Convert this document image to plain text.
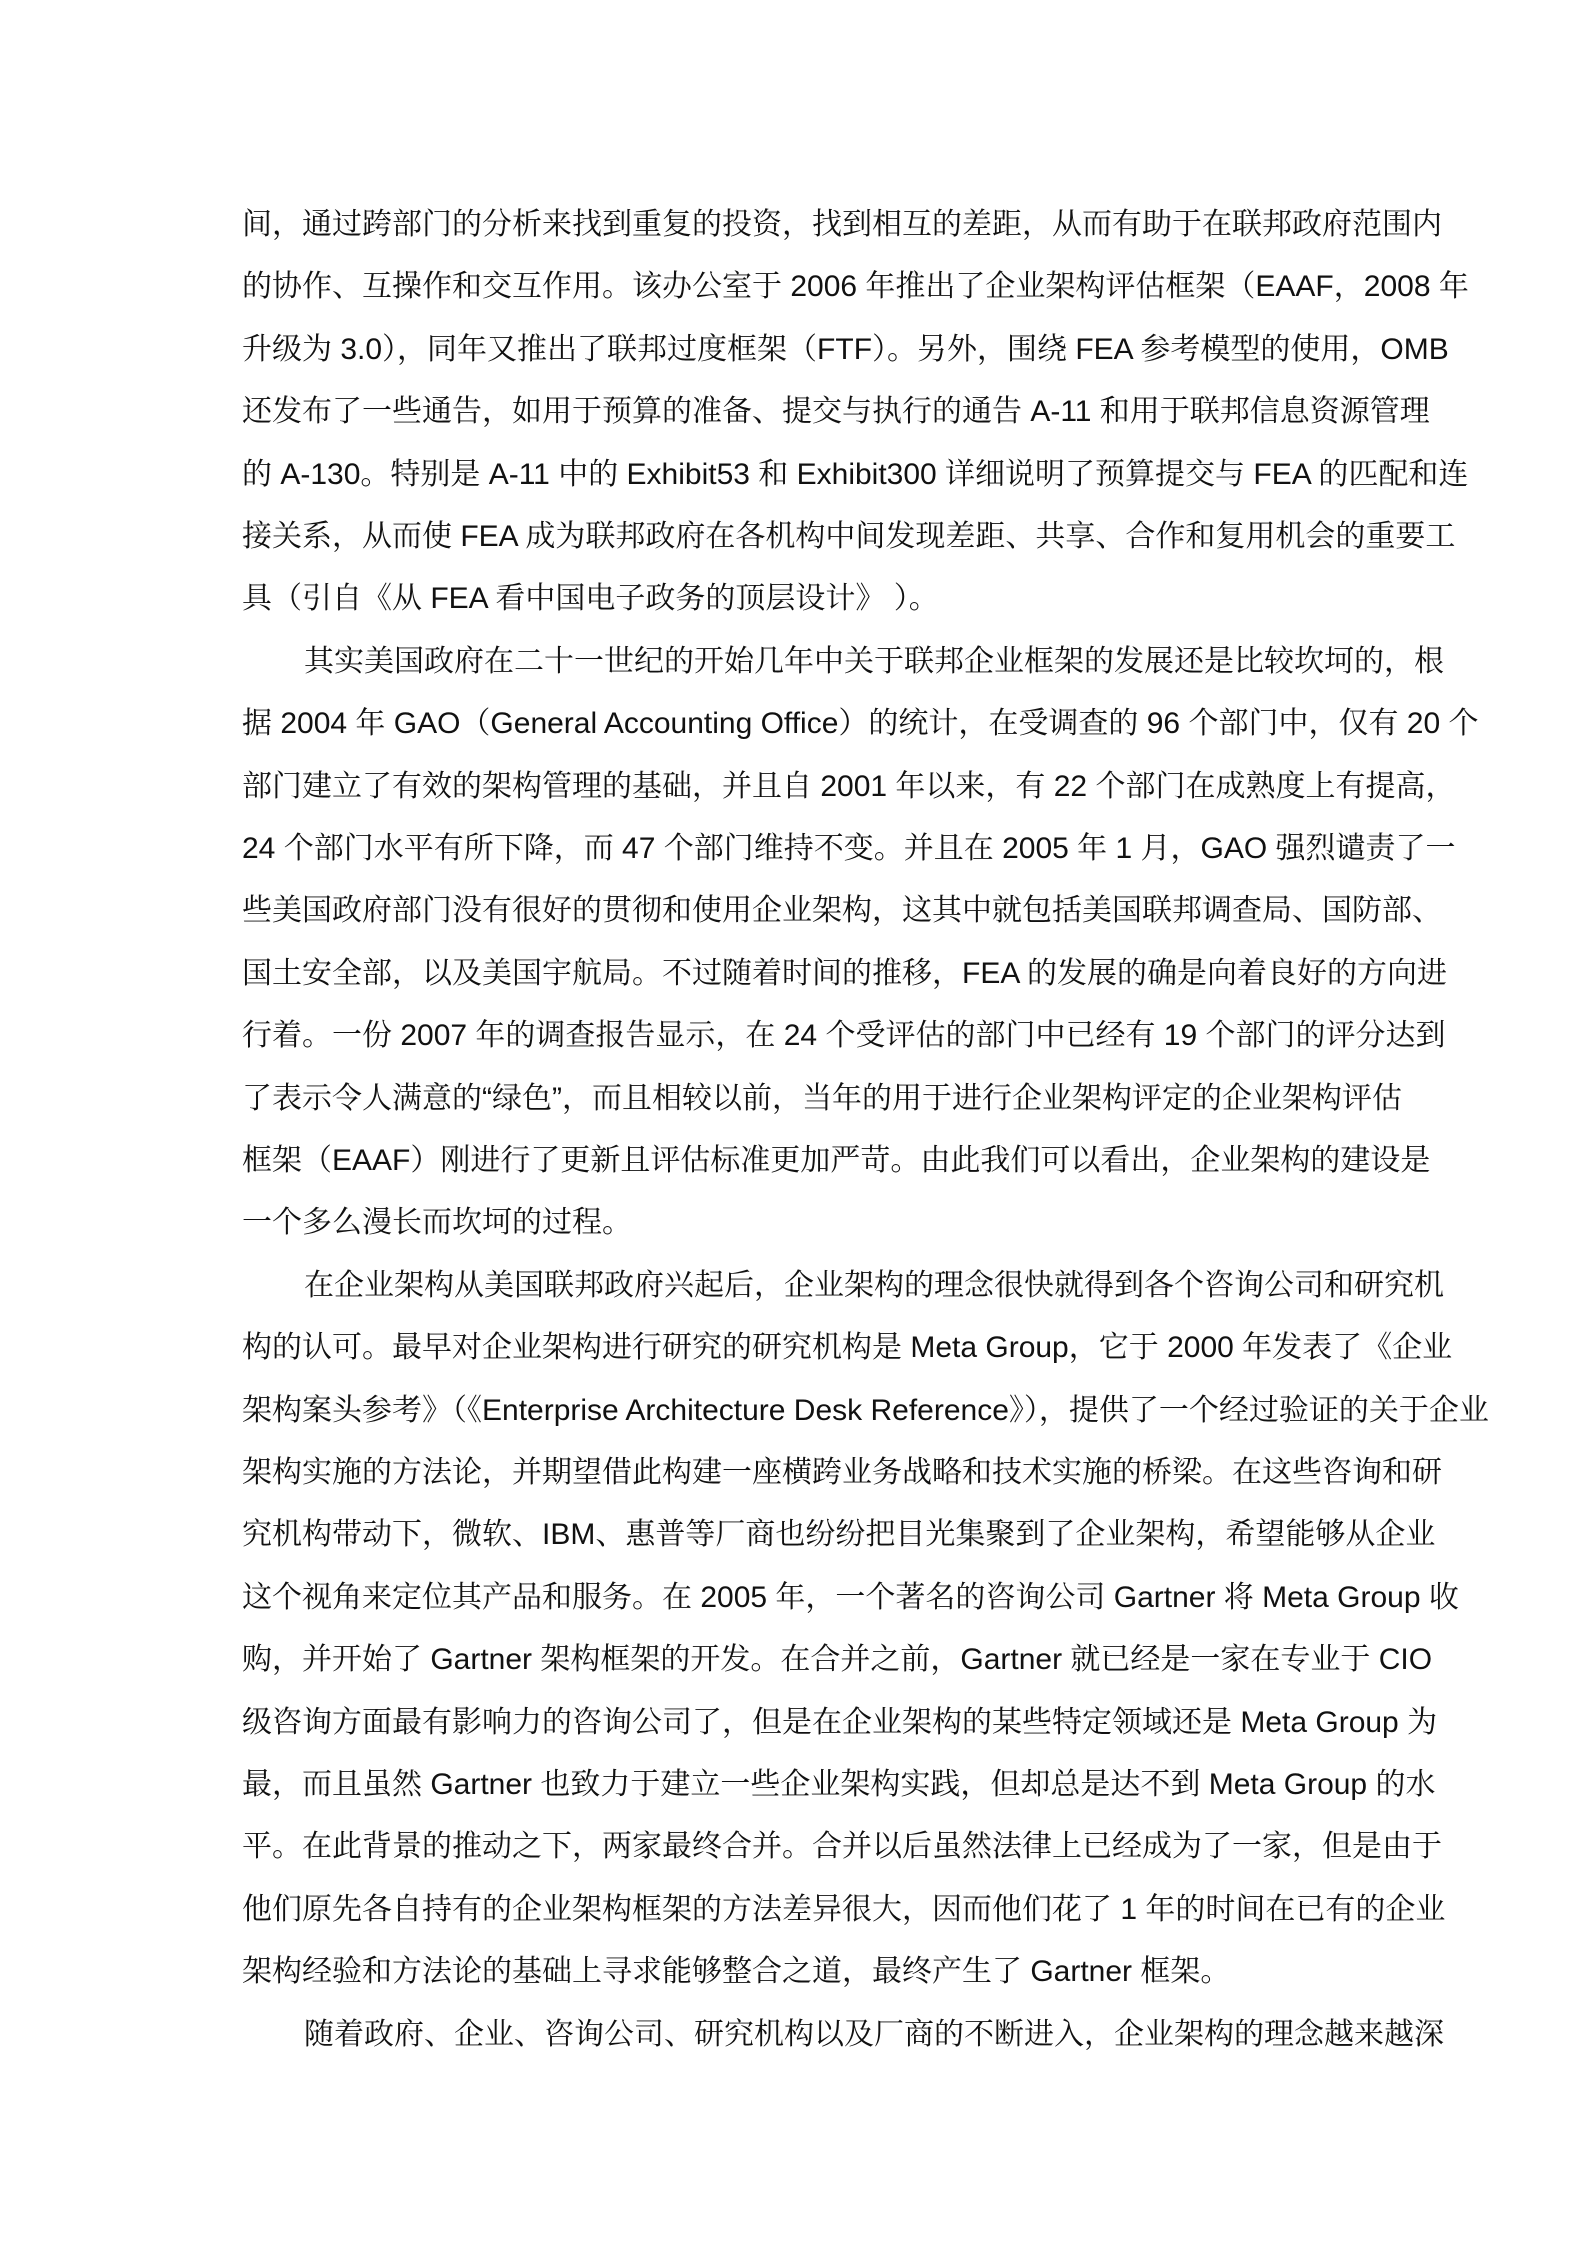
间，通过跨部门的分析来找到重复的投资，找到相互的差距，从而有助于在联邦政府范围内
的协作、互操作和交互作用。该办公室于 2006 年推出了企业架构评估框架（EAAF，2008 年
升级为 3.0），同年又推出了联邦过度框架（FTF）。另外，围绕 FEA 参考模型的使用，OMB
还发布了一些通告，如用于预算的准备、提交与执行的通告 A-11 和用于联邦信息资源管理
的 A-130。特别是 A-11 中的 Exhibit53 和 Exhibit300 详细说明了预算提交与 FEA 的匹配和连
接关系，从而使 FEA 成为联邦政府在各机构中间发现差距、共享、合作和复用机会的重要工
具（引自《从 FEA 看中国电子政务的顶层设计》 ）。
其实美国政府在二十一世纪的开始几年中关于联邦企业框架的发展还是比较坎坷的，根
据 2004 年 GAO（General Accounting Office）的统计，在受调查的 96 个部门中，仅有 20 个
部门建立了有效的架构管理的基础，并且自 2001 年以来，有 22 个部门在成熟度上有提高，
24 个部门水平有所下降，而 47 个部门维持不变。并且在 2005 年 1 月，GAO 强烈谴责了一
些美国政府部门没有很好的贯彻和使用企业架构，这其中就包括美国联邦调查局、国防部、
国土安全部，以及美国宇航局。不过随着时间的推移，FEA 的发展的确是向着良好的方向进
行着。一份 2007 年的调查报告显示，在 24 个受评估的部门中已经有 19 个部门的评分达到
了表示令人满意的“绿色”，而且相较以前，当年的用于进行企业架构评定的企业架构评估
框架（EAAF）刚进行了更新且评估标准更加严苛。由此我们可以看出，企业架构的建设是
一个多么漫长而坎坷的过程。
在企业架构从美国联邦政府兴起后，企业架构的理念很快就得到各个咨询公司和研究机
构的认可。最早对企业架构进行研究的研究机构是 Meta Group，它于 2000 年发表了《企业
架构案头参考》（《Enterprise Architecture Desk Reference》），提供了一个经过验证的关于企业
架构实施的方法论，并期望借此构建一座横跨业务战略和技术实施的桥梁。在这些咨询和研
究机构带动下，微软、IBM、惠普等厂商也纷纷把目光集聚到了企业架构，希望能够从企业
这个视角来定位其产品和服务。在 2005 年，一个著名的咨询公司 Gartner 将 Meta Group 收
购，并开始了 Gartner 架构框架的开发。在合并之前，Gartner 就已经是一家在专业于 CIO
级咨询方面最有影响力的咨询公司了，但是在企业架构的某些特定领域还是 Meta Group 为
最，而且虽然 Gartner 也致力于建立一些企业架构实践，但却总是达不到 Meta Group 的水
平。在此背景的推动之下，两家最终合并。合并以后虽然法律上已经成为了一家，但是由于
他们原先各自持有的企业架构框架的方法差异很大，因而他们花了 1 年的时间在已有的企业
架构经验和方法论的基础上寻求能够整合之道，最终产生了 Gartner 框架。
随着政府、企业、咨询公司、研究机构以及厂商的不断进入，企业架构的理念越来越深
